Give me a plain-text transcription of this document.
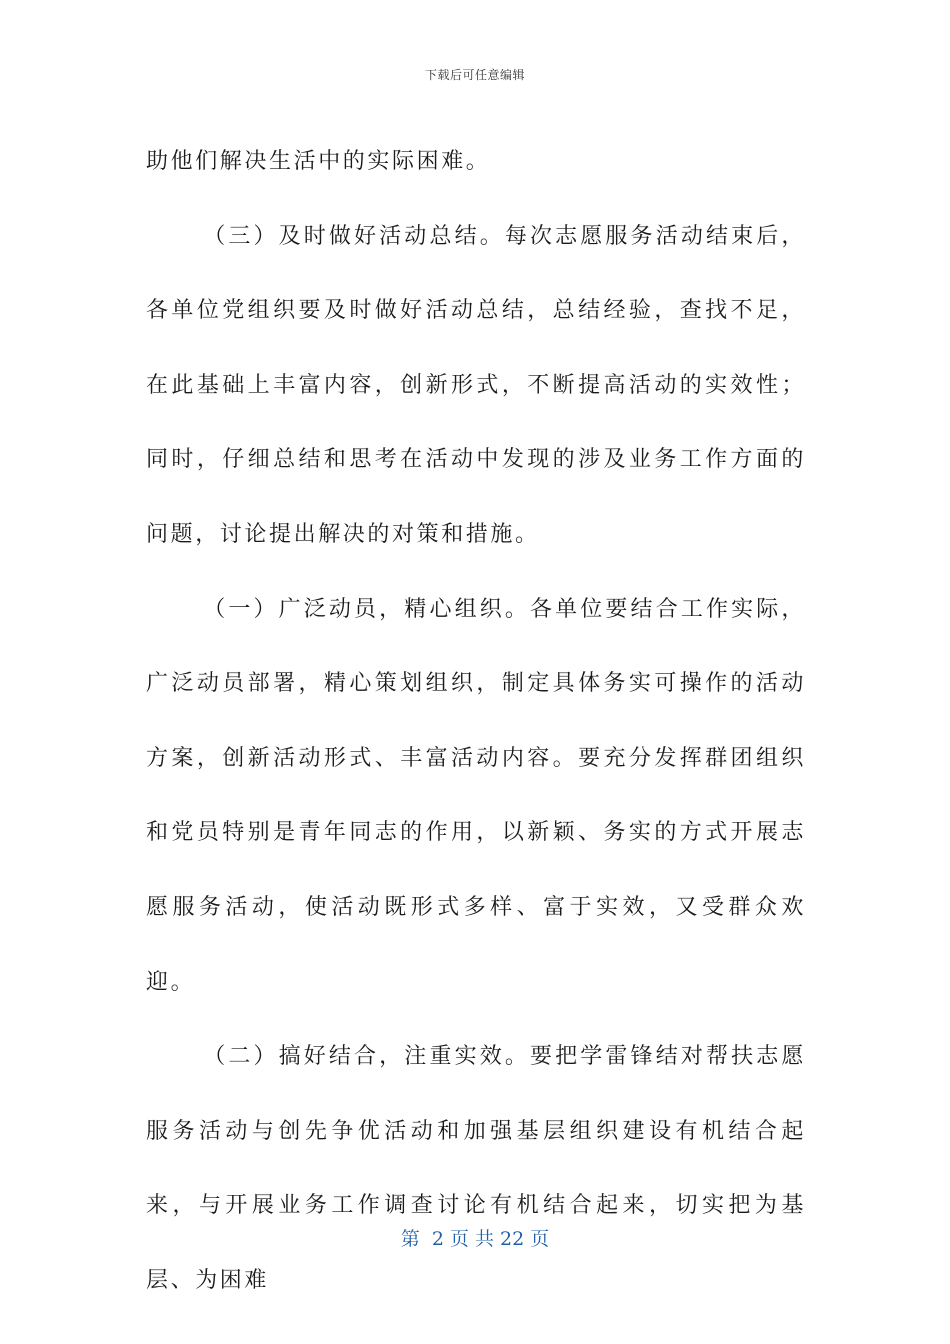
下载后可任意编辑

助他们解决生活中的实际困难。

（三）及时做好活动总结。每次志愿服务活动结束后，各单位党组织要及时做好活动总结，总结经验，查找不足，在此基础上丰富内容，创新形式，不断提高活动的实效性；同时，仔细总结和思考在活动中发现的涉及业务工作方面的问题，讨论提出解决的对策和措施。

（一）广泛动员，精心组织。各单位要结合工作实际，广泛动员部署，精心策划组织，制定具体务实可操作的活动方案，创新活动形式、丰富活动内容。要充分发挥群团组织和党员特别是青年同志的作用，以新颖、务实的方式开展志愿服务活动，使活动既形式多样、富于实效，又受群众欢迎。

（二）搞好结合，注重实效。要把学雷锋结对帮扶志愿服务活动与创先争优活动和加强基层组织建设有机结合起来，与开展业务工作调查讨论有机结合起来，切实把为基层、为困难

第  2 页 共 22 页
